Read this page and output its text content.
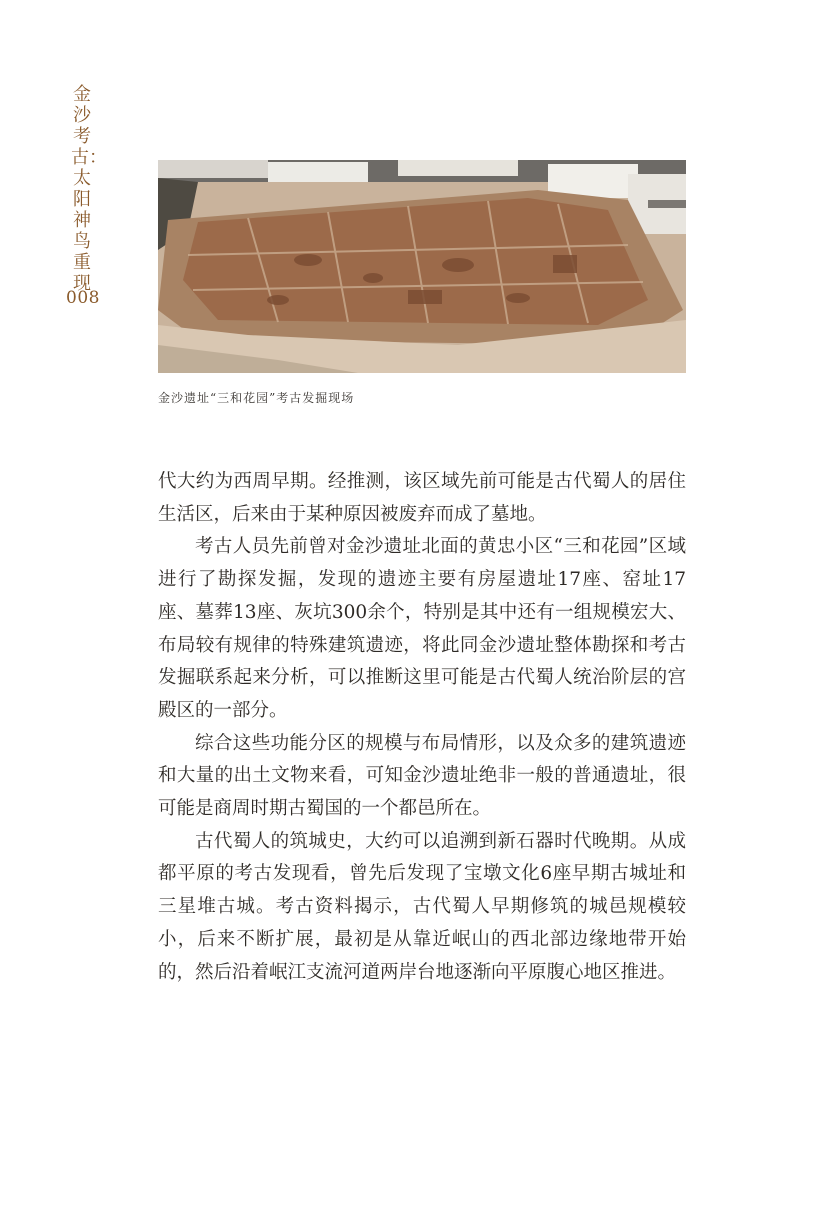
金沙考古：太阳神鸟重现
008
金沙遗址“三和花园”考古发掘现场

代大约为西周早期。经推测，该区域先前可能是古代蜀人的居住生活区，后来由于某种原因被废弃而成了墓地。

考古人员先前曾对金沙遗址北面的黄忠小区“三和花园”区域进行了勘探发掘，发现的遗迹主要有房屋遗址17座、窑址17座、墓葬13座、灰坑300余个，特别是其中还有一组规模宏大、布局较有规律的特殊建筑遗迹，将此同金沙遗址整体勘探和考古发掘联系起来分析，可以推断这里可能是古代蜀人统治阶层的宫殿区的一部分。

综合这些功能分区的规模与布局情形，以及众多的建筑遗迹和大量的出土文物来看，可知金沙遗址绝非一般的普通遗址，很可能是商周时期古蜀国的一个都邑所在。

古代蜀人的筑城史，大约可以追溯到新石器时代晚期。从成都平原的考古发现看，曾先后发现了宝墩文化6座早期古城址和三星堆古城。考古资料揭示，古代蜀人早期修筑的城邑规模较小，后来不断扩展，最初是从靠近岷山的西北部边缘地带开始的，然后沿着岷江支流河道两岸台地逐渐向平原腹心地区推进。
